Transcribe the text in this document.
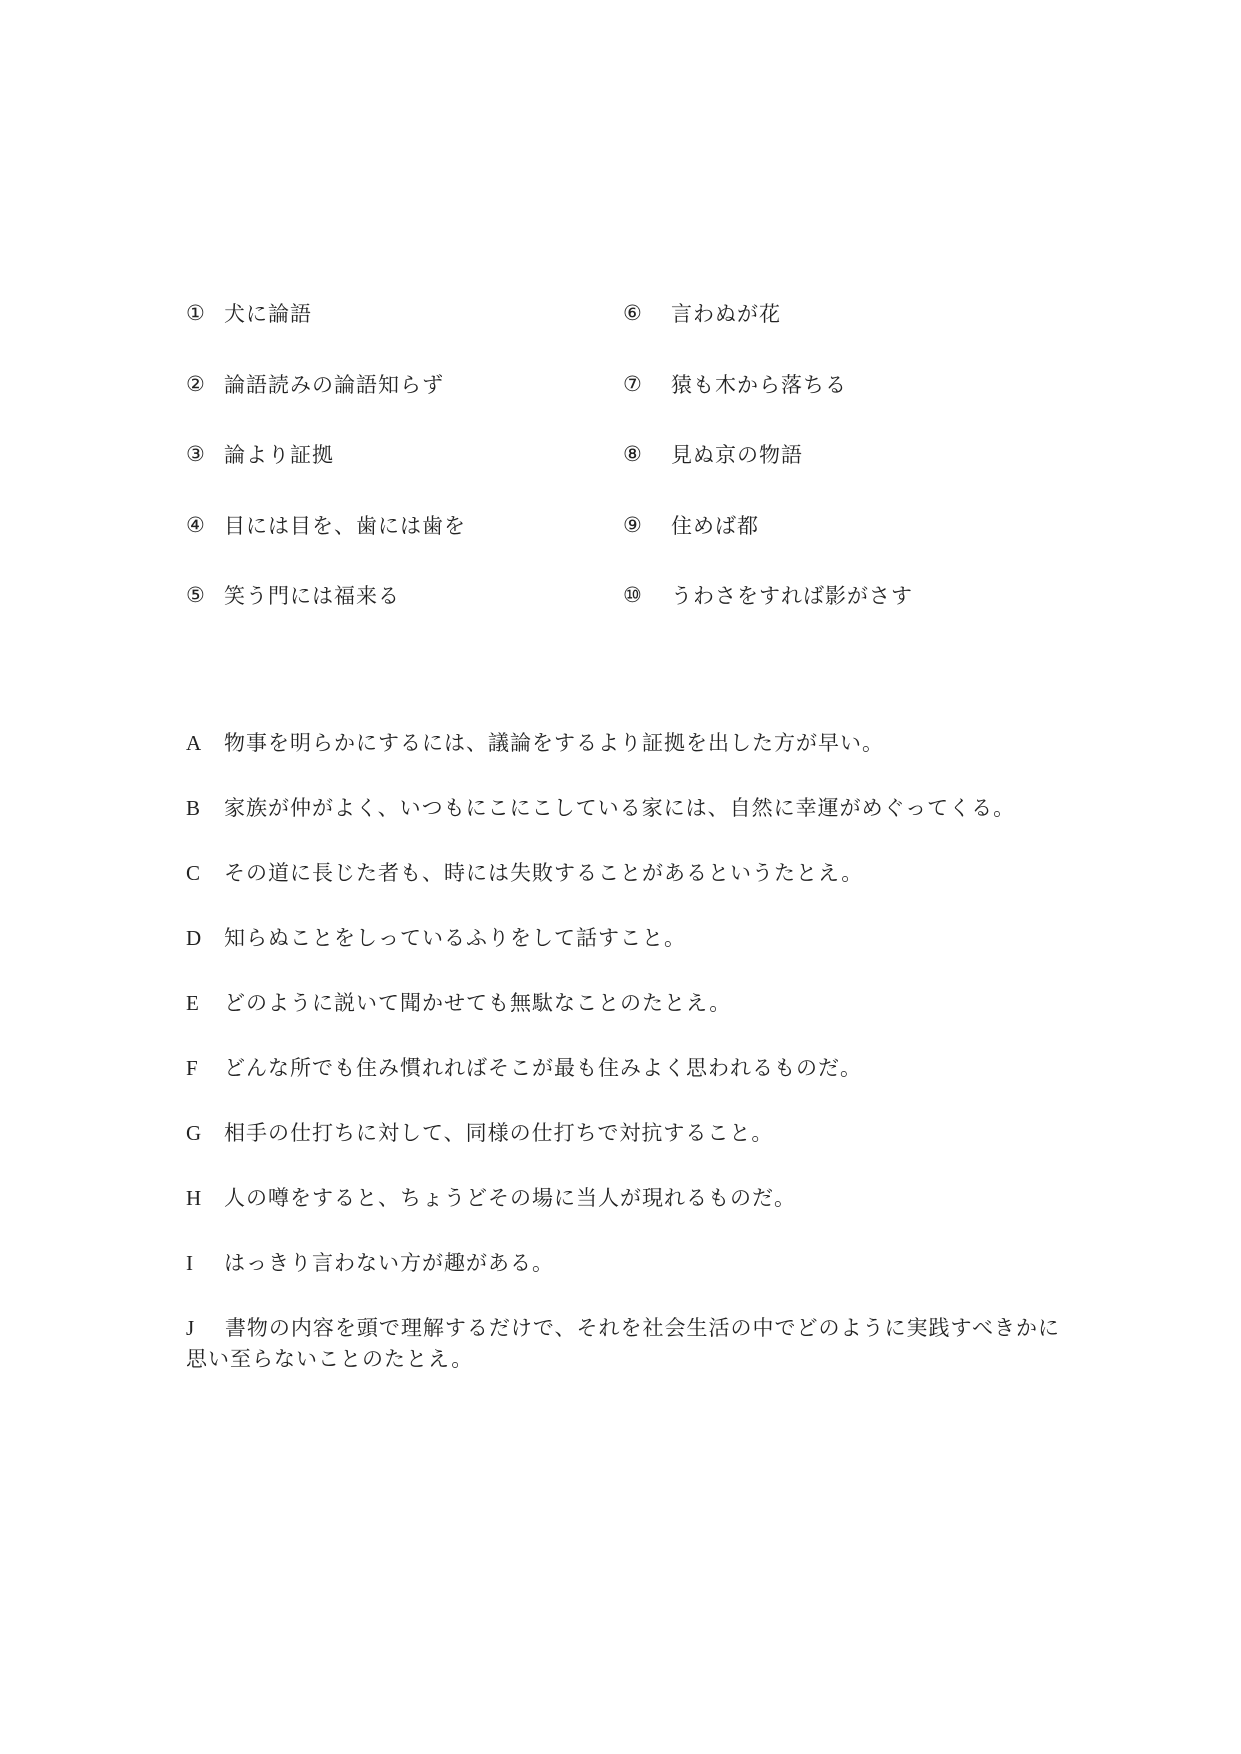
① 犬に論語
② 論語読みの論語知らず
③ 論より証拠
④ 目には目を、歯には歯を
⑤ 笑う門には福来る
⑥	言わぬが花
⑦	猿も木から落ちる
⑧	見ぬ京の物語
⑨	住めば都
⑩	うわさをすれば影がさす
A	物事を明らかにするには、議論をするより証拠を出した方が早い。
B	家族が仲がよく、いつもにこにこしている家には、自然に幸運がめぐってくる。
C	その道に長じた者も、時には失敗することがあるというたとえ。
D	知らぬことをしっているふりをして話すこと。
E	どのように説いて聞かせても無駄なことのたとえ。
F	どんな所でも住み慣れればそこが最も住みよく思われるものだ。
G	相手の仕打ちに対して、同様の仕打ちで対抗すること。
H	人の噂をすると、ちょうどその場に当人が現れるものだ。
I	はっきり言わない方が趣がある。
J 書物の内容を頭で理解するだけで、それを社会生活の中でどのように実践すべきかに思い至らないことのたとえ。
